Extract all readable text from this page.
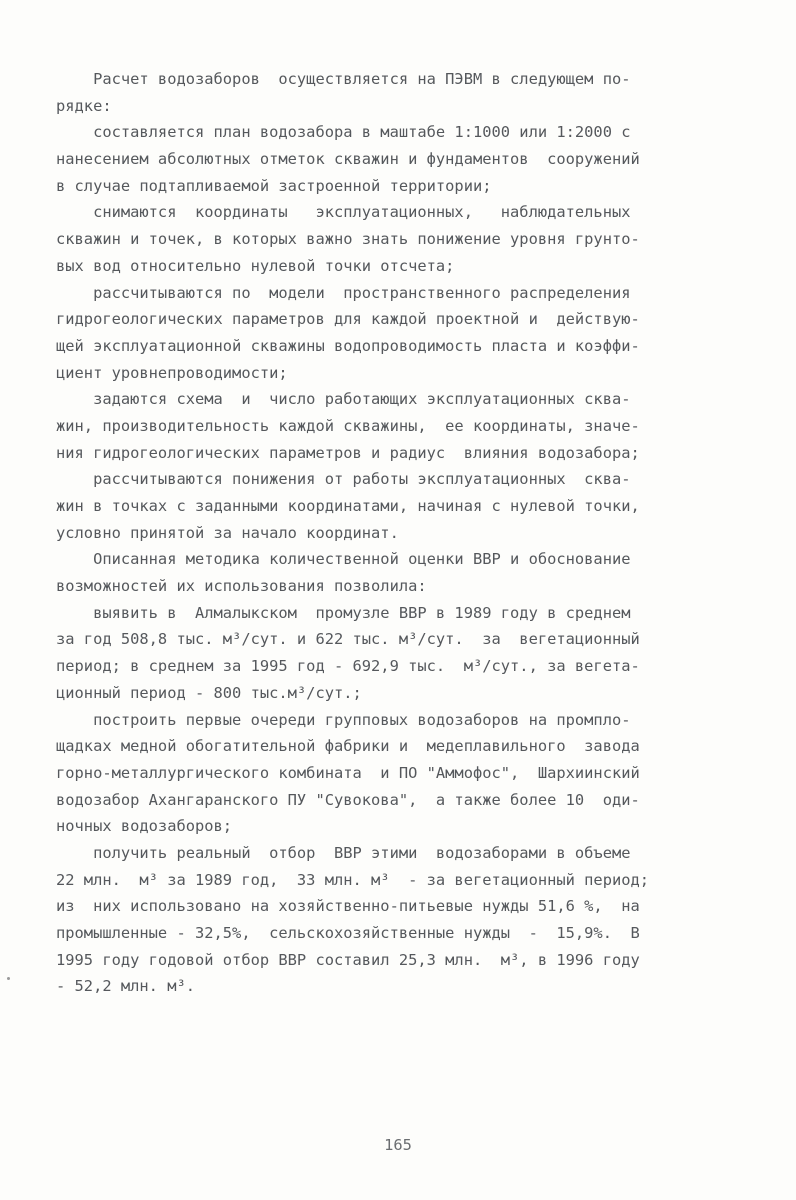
Расчет водозаборов  осуществляется на ПЭВМ в следующем по-
рядке:
составляется план водозабора в маштабе 1:1000 или 1:2000 с
нанесением абсолютных отметок скважин и фундаментов  сооружений
в случае подтапливаемой застроенной территории;
снимаются  координаты   эксплуатационных,   наблюдательных
скважин и точек, в которых важно знать понижение уровня грунто-
вых вод относительно нулевой точки отсчета;
рассчитываются по  модели  пространственного распределения
гидрогеологических параметров для каждой проектной и  действую-
щей эксплуатационной скважины водопроводимость пласта и коэффи-
циент уровнепроводимости;
задаются схема  и  число работающих эксплуатационных сква-
жин, производительность каждой скважины,  ее координаты, значе-
ния гидрогеологических параметров и радиус  влияния водозабора;
рассчитываются понижения от работы эксплуатационных  сква-
жин в точках с заданными координатами, начиная с нулевой точки,
условно принятой за начало координат.
Описанная методика количественной оценки ВВР и обоснование
возможностей их использования позволила:
выявить в  Алмалыкском  промузле ВВР в 1989 году в среднем
за год 508,8 тыс. м³/сут. и 622 тыс. м³/сут.  за  вегетационный
период; в среднем за 1995 год - 692,9 тыс.  м³/сут., за вегета-
ционный период - 800 тыс.м³/сут.;
построить первые очереди групповых водозаборов на промпло-
щадках медной обогатительной фабрики и  медеплавильного  завода
горно-металлургического комбината  и ПО "Аммофос",  Шархиинский
водозабор Ахангаранского ПУ "Сувокова",  а также более 10  оди-
ночных водозаборов;
получить реальный  отбор  ВВР этими  водозаборами в объеме
22 млн.  м³ за 1989 год,  33 млн. м³  - за вегетационный период;
из  них использовано на хозяйственно-питьевые нужды 51,6 %,  на
промышленные - 32,5%,  сельскохозяйственные нужды  -  15,9%.  В
1995 году годовой отбор ВВР составил 25,3 млн.  м³, в 1996 году
- 52,2 млн. м³.
165
